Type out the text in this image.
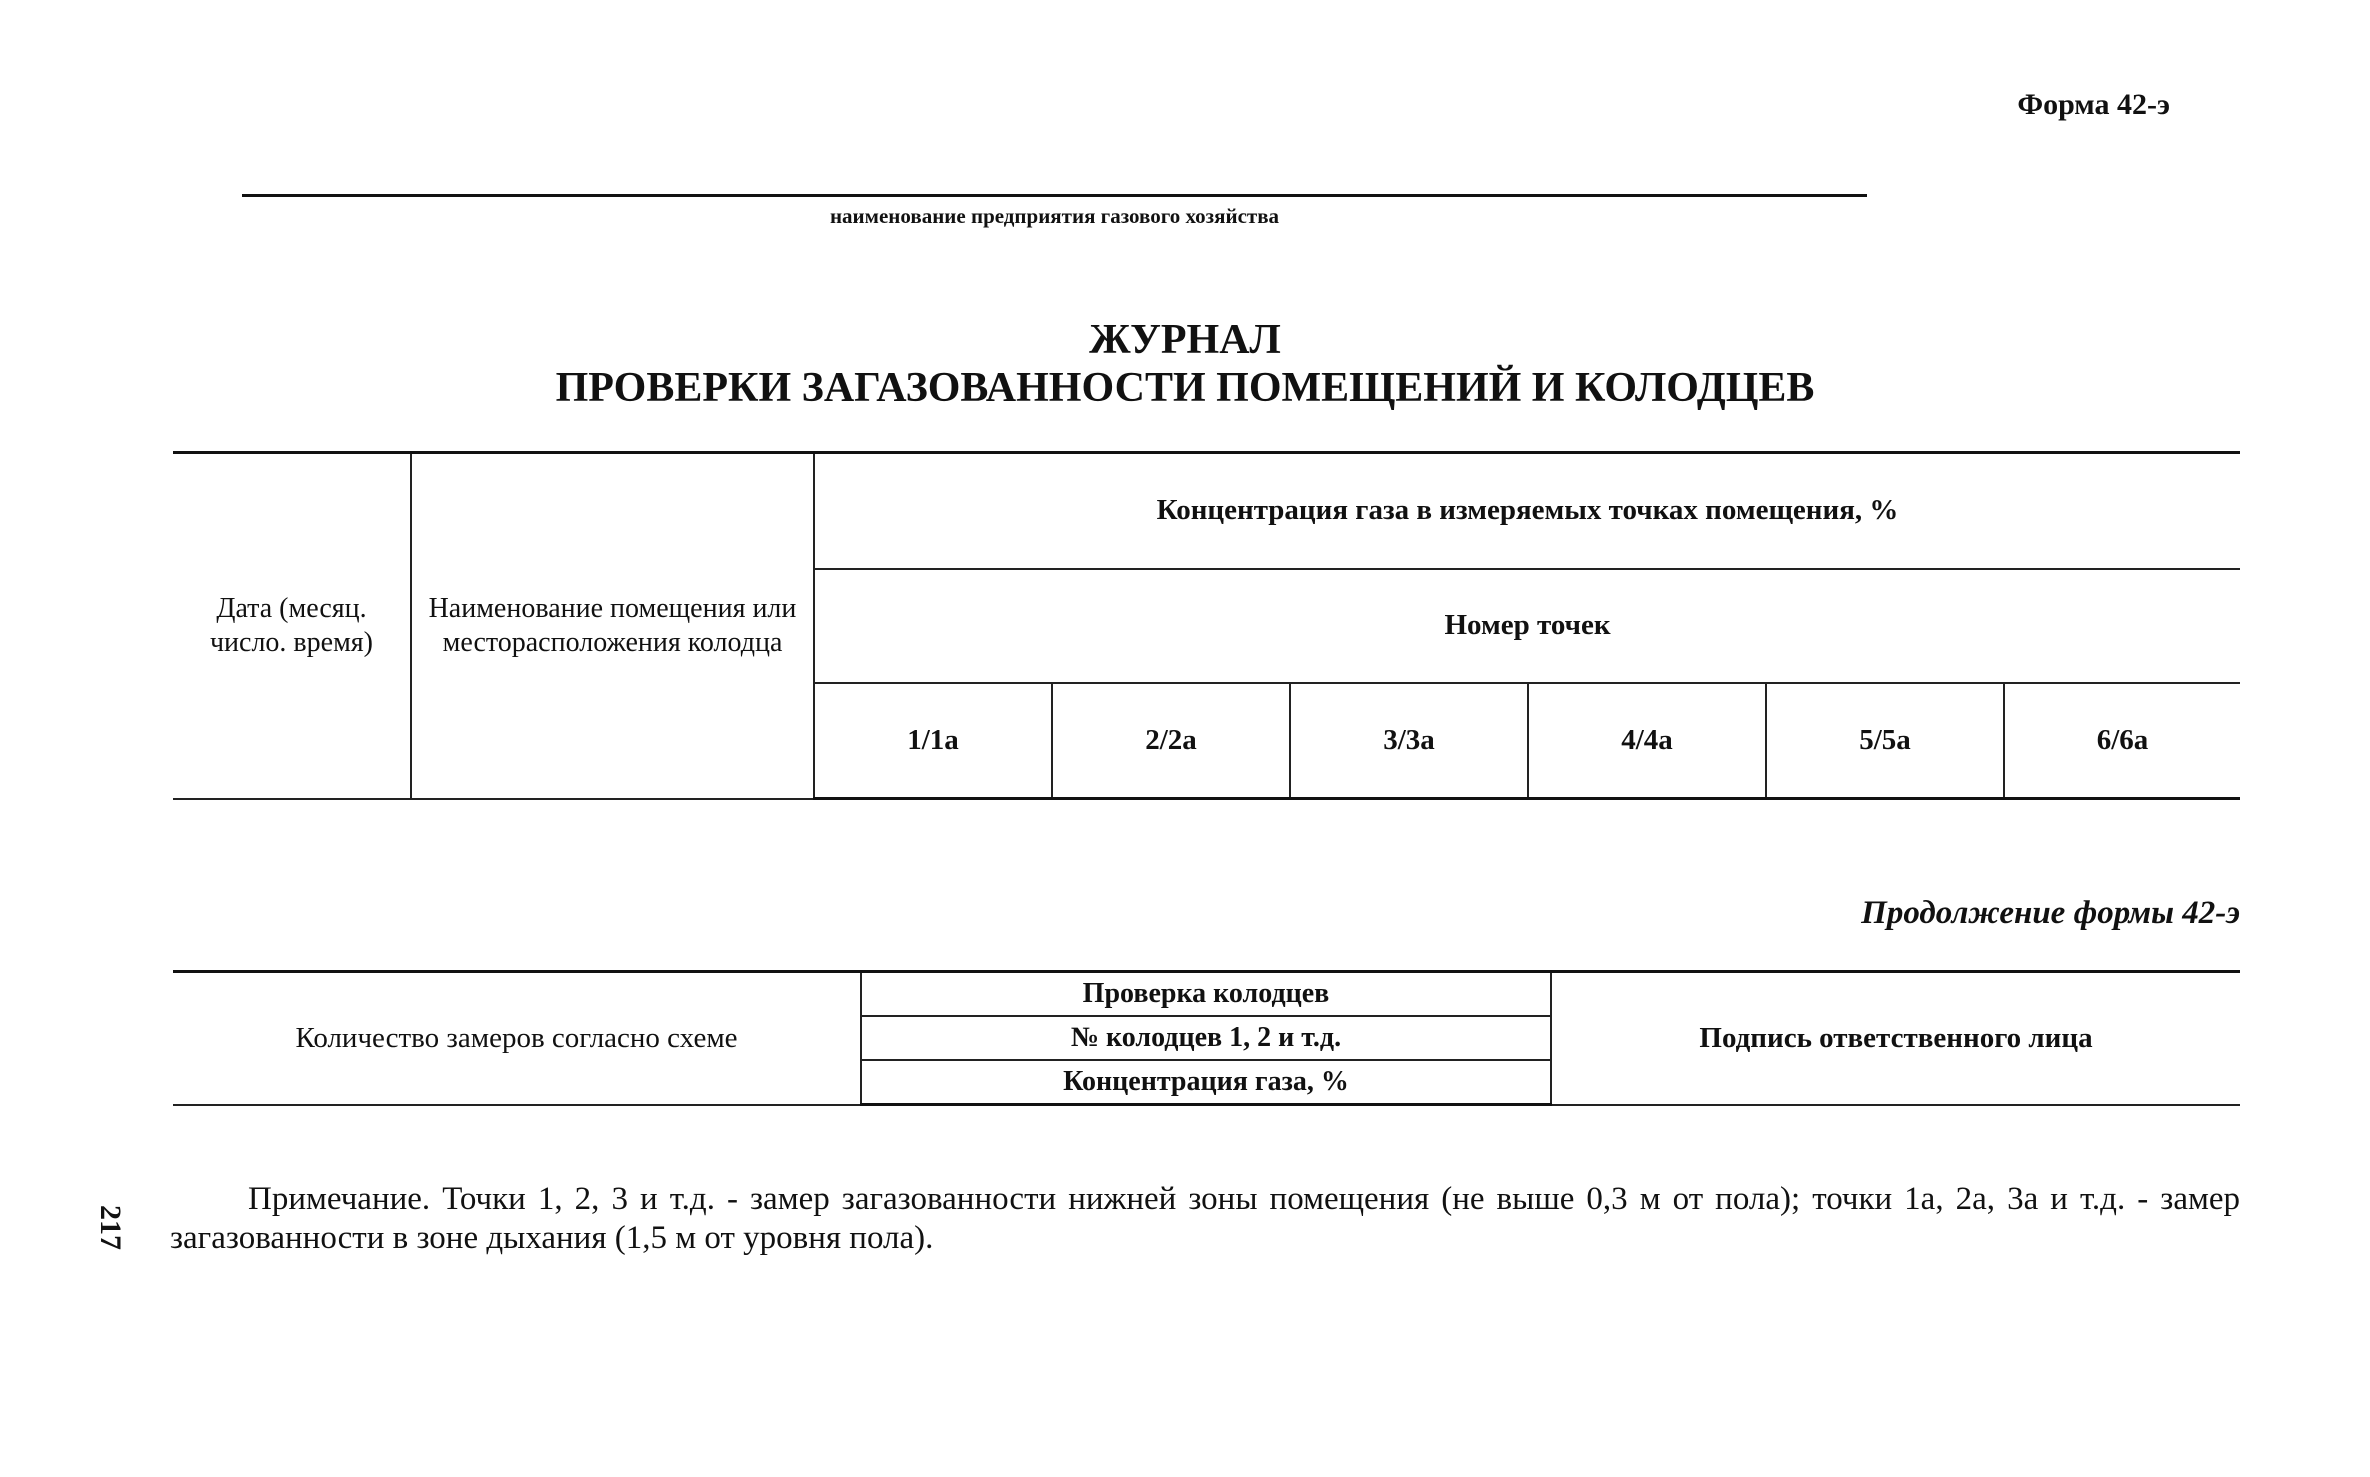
Форма 42-э
наименование предприятия газового хозяйства
ЖУРНАЛ
ПРОВЕРКИ ЗАГАЗОВАННОСТИ ПОМЕЩЕНИЙ И КОЛОДЦЕВ
Дата (месяц. число. время)	Наименование помещения или месторасположения колодца	Концентрация газа в измеряемых точках помещения, %					
		Номер точек					
		1/1а	2/2а	3/3а	4/4а	5/5а	6/6а
Продолжение формы 42-э
Количество замеров согласно схеме	Проверка колодцев	Подпись ответственного лица
№ колодцев 1, 2 и т.д.
Концентрация газа, %
Примечание. Точки 1, 2, 3 и т.д. - замер загазованности нижней зоны помещения (не выше 0,3 м от пола); точки 1а, 2а, 3а и т.д. - замер загазованности в зоне дыхания (1,5 м от уровня пола).
217
